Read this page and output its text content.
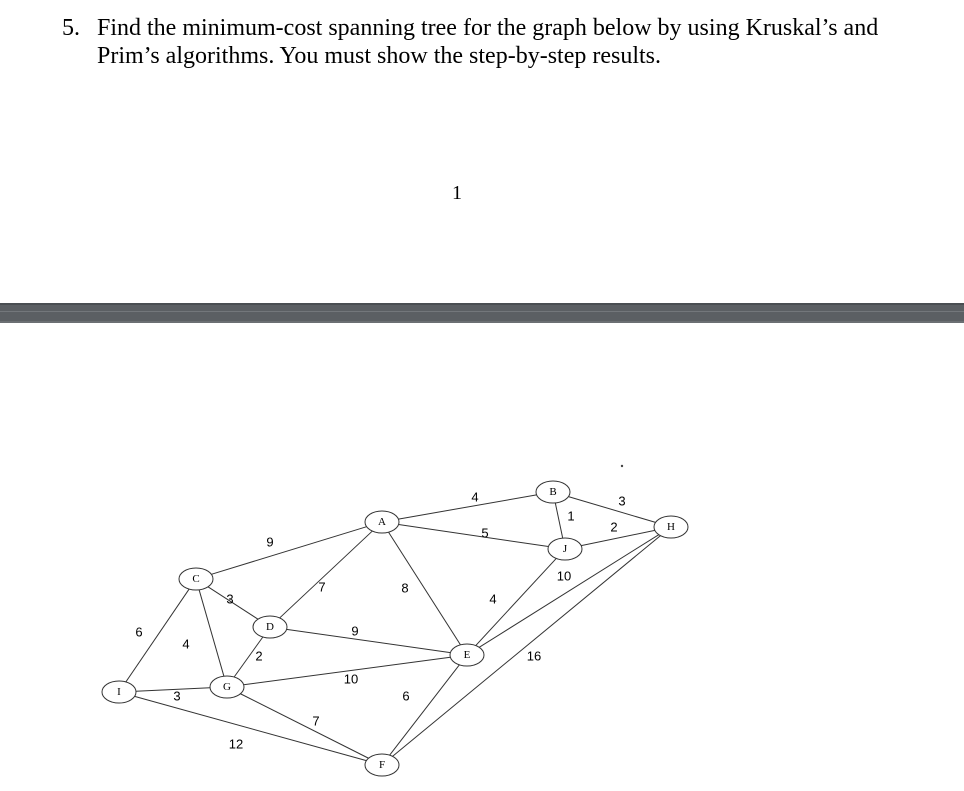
5. Find the minimum-cost spanning tree for the graph below by using Kruskal’s and Prim’s algorithms. You must show the step-by-step results.
1
4
5
8
7
9
1
3
2
4
10
16
3
4
6
2
9
10
7
3
12
6
A
B
C
D
E
F
G
H
I
J
